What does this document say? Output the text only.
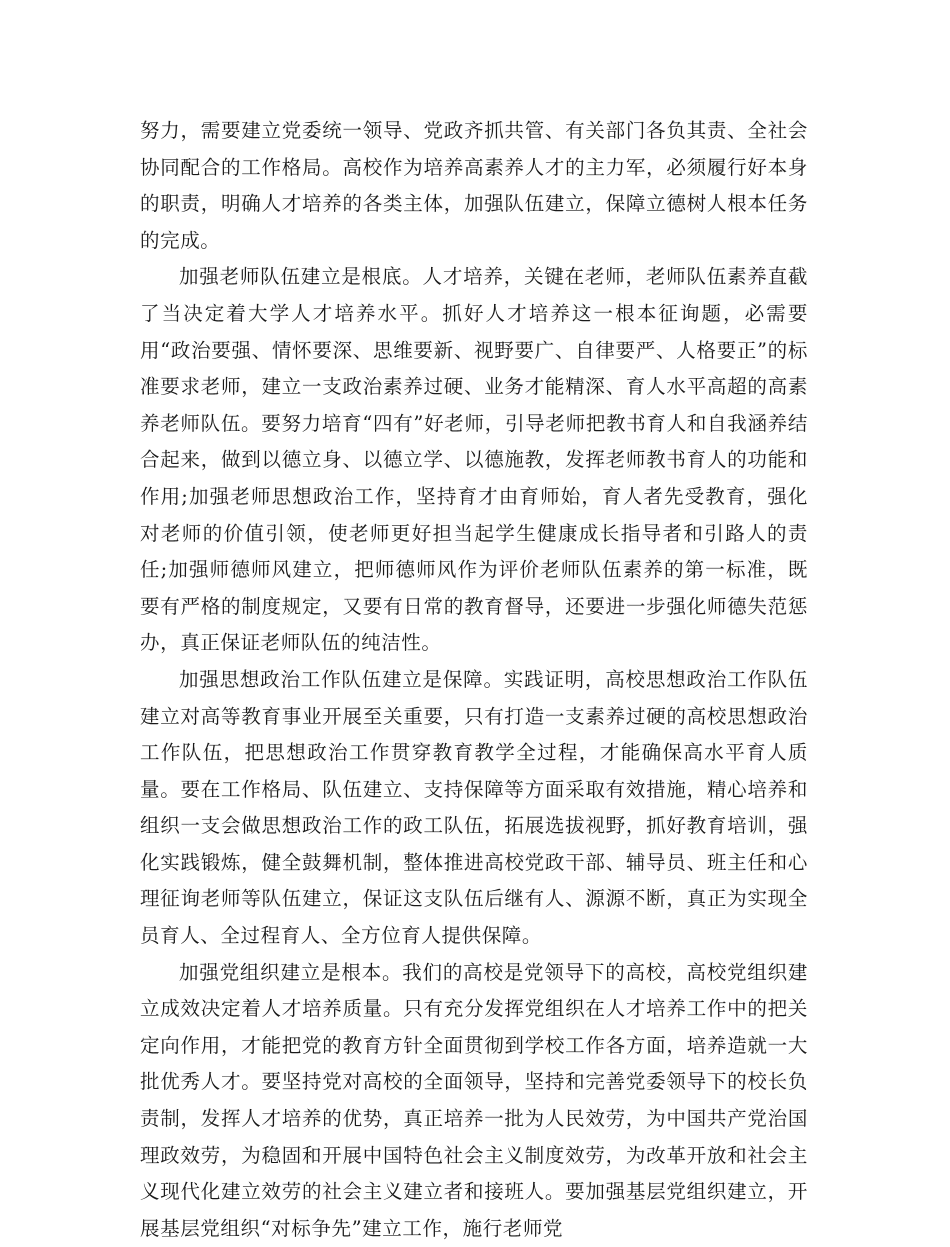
努力，需要建立党委统一领导、党政齐抓共管、有关部门各负其责、全社会协同配合的工作格局。高校作为培养高素养人才的主力军，必须履行好本身的职责，明确人才培养的各类主体，加强队伍建立，保障立德树人根本任务的完成。

加强老师队伍建立是根底。人才培养，关键在老师，老师队伍素养直截了当决定着大学人才培养水平。抓好人才培养这一根本征询题，必需要用“政治要强、情怀要深、思维要新、视野要广、自律要严、人格要正”的标准要求老师，建立一支政治素养过硬、业务才能精深、育人水平高超的高素养老师队伍。要努力培育“四有”好老师，引导老师把教书育人和自我涵养结合起来，做到以德立身、以德立学、以德施教，发挥老师教书育人的功能和作用;加强老师思想政治工作，坚持育才由育师始，育人者先受教育，强化对老师的价值引领，使老师更好担当起学生健康成长指导者和引路人的责任;加强师德师风建立，把师德师风作为评价老师队伍素养的第一标准，既要有严格的制度规定，又要有日常的教育督导，还要进一步强化师德失范惩办，真正保证老师队伍的纯洁性。

加强思想政治工作队伍建立是保障。实践证明，高校思想政治工作队伍建立对高等教育事业开展至关重要，只有打造一支素养过硬的高校思想政治工作队伍，把思想政治工作贯穿教育教学全过程，才能确保高水平育人质量。要在工作格局、队伍建立、支持保障等方面采取有效措施，精心培养和组织一支会做思想政治工作的政工队伍，拓展选拔视野，抓好教育培训，强化实践锻炼，健全鼓舞机制，整体推进高校党政干部、辅导员、班主任和心理征询老师等队伍建立，保证这支队伍后继有人、源源不断，真正为实现全员育人、全过程育人、全方位育人提供保障。

加强党组织建立是根本。我们的高校是党领导下的高校，高校党组织建立成效决定着人才培养质量。只有充分发挥党组织在人才培养工作中的把关定向作用，才能把党的教育方针全面贯彻到学校工作各方面，培养造就一大批优秀人才。要坚持党对高校的全面领导，坚持和完善党委领导下的校长负责制，发挥人才培养的优势，真正培养一批为人民效劳，为中国共产党治国理政效劳，为稳固和开展中国特色社会主义制度效劳，为改革开放和社会主义现代化建立效劳的社会主义建立者和接班人。要加强基层党组织建立，开展基层党组织“对标争先”建立工作，施行老师党
